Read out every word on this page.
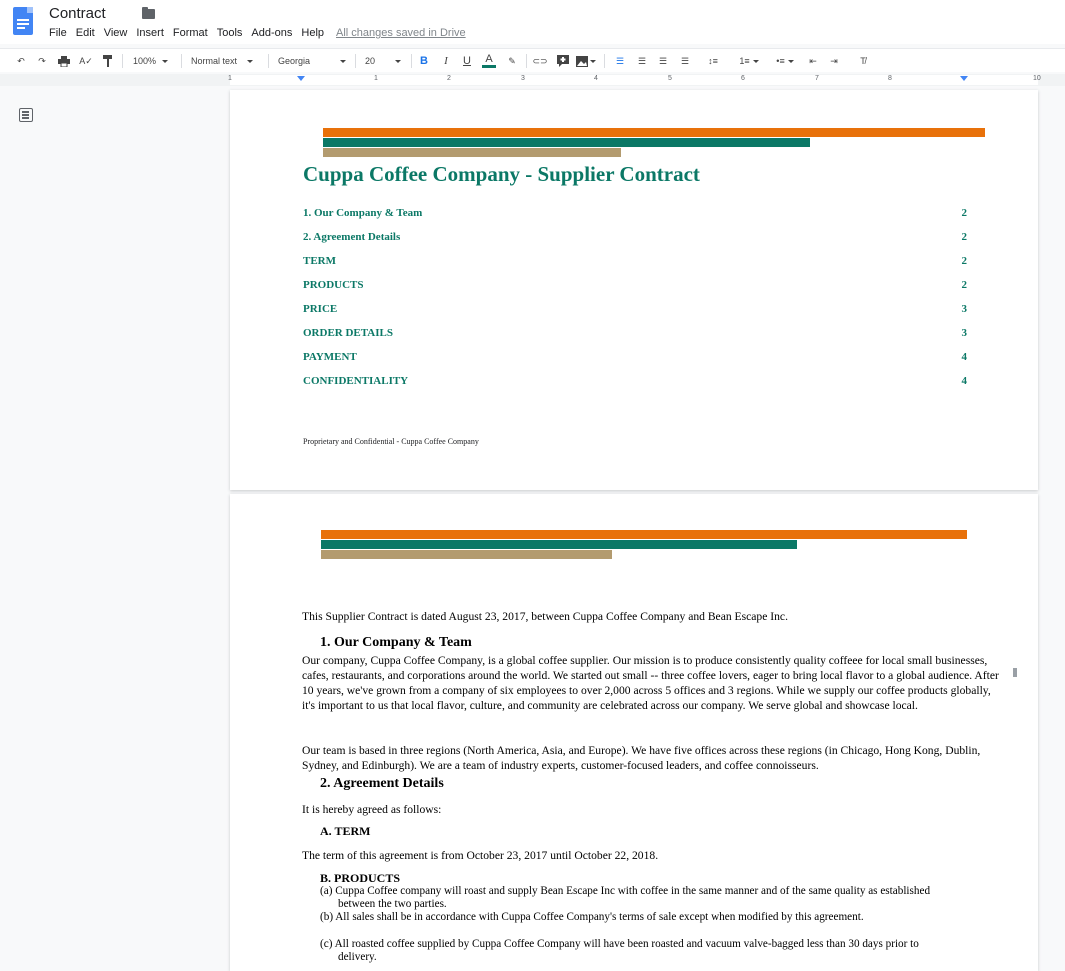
Contract
File Edit View Insert Format Tools Add-ons Help All changes saved in Drive
↶	↷	A✓	100%	Normal text	Georgia	20	B	I	U	A	✎	⊂⊃	☰	☰	☰	☰	↕≡	1≡	•≡	⇤	⇥	T̸
1	1	2	3	4	5	6	7	8	10
Cuppa Coffee Company - Supplier Contract
1. Our Company & Team	2
2. Agreement Details	2
TERM	2
PRODUCTS	2
PRICE	3
ORDER DETAILS	3
PAYMENT	4
CONFIDENTIALITY	4
Proprietary and Confidential - Cuppa Coffee Company
This Supplier Contract is dated August 23, 2017, between Cuppa Coffee Company and Bean Escape Inc.
1. Our Company & Team
Our company, Cuppa Coffee Company, is a global coffee supplier. Our mission is to produce consistently quality coffeee for local small businesses, cafes, restaurants, and corporations around the world. We started out small -- three coffee lovers, eager to bring local flavor to a global audience. After 10 years, we've grown from a company of six employees to over 2,000 across 5 offices and 3 regions. While we supply our coffee products globally, it's important to us that local flavor, culture, and community are celebrated across our company. We serve global and showcase local.
Our team is based in three regions (North America, Asia, and Europe). We have five offices across these regions (in Chicago, Hong Kong, Dublin, Sydney, and Edinburgh). We are a team of industry experts, customer-focused leaders, and coffee connoisseurs.
2. Agreement Details
It is hereby agreed as follows:
A. TERM
The term of this agreement is from October 23, 2017 until October 22, 2018.
B. PRODUCTS
(a) Cuppa Coffee company will roast and supply Bean Escape Inc with coffee in the same manner and of the same quality as established between the two parties.
(b) All sales shall be in accordance with Cuppa Coffee Company's terms of sale except when modified by this agreement.
(c) All roasted coffee supplied by Cuppa Coffee Company will have been roasted and vacuum valve-bagged less than 30 days prior to delivery.
